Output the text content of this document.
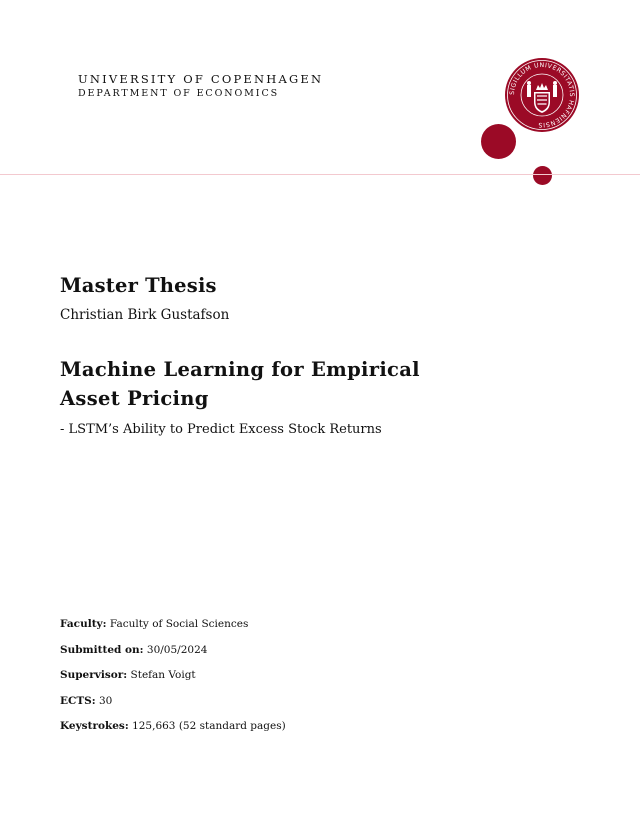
UNIVERSITY OF COPENHAGEN
DEPARTMENT OF ECONOMICS	SIGILLUM UNIVERSITATIS HAFNIENSIS
Master Thesis
Christian Birk Gustafson
Machine Learning for Empirical Asset Pricing
- LSTM’s Ability to Predict Excess Stock Returns
Faculty: Faculty of Social Sciences
Submitted on: 30/05/2024
Supervisor: Stefan Voigt
ECTS: 30
Keystrokes: 125,663 (52 standard pages)
